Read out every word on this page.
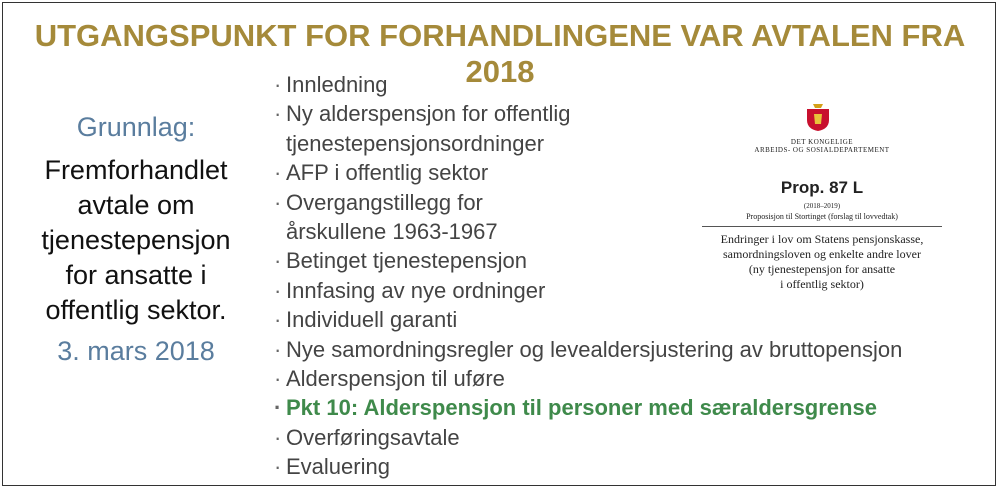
UTGANGSPUNKT FOR FORHANDLINGENE VAR AVTALEN FRA 2018
Grunnlag:
Fremforhandlet
avtale om
tjenestepensjon
for ansatte i
offentlig sektor.
3. mars 2018
· Innledning
· Ny alderspensjon for offentlig
tjenestepensjonsordninger
· AFP i offentlig sektor
· Overgangstillegg for
årskullene 1963-1967
· Betinget tjenestepensjon
· Innfasing av nye ordninger
· Individuell garanti
· Nye samordningsregler og levealdersjustering av bruttopensjon
· Alderspensjon til uføre
· Pkt 10: Alderspensjon til personer med særaldersgrense
· Overføringsavtale
· Evaluering
DET KONGELIGE
ARBEIDS- OG SOSIALDEPARTEMENT
Prop. 87 L
(2018–2019)
Proposisjon til Stortinget (forslag til lovvedtak)
Endringer i lov om Statens pensjonskasse,
samordningsloven og enkelte andre lover
(ny tjenestepensjon for ansatte
i offentlig sektor)
